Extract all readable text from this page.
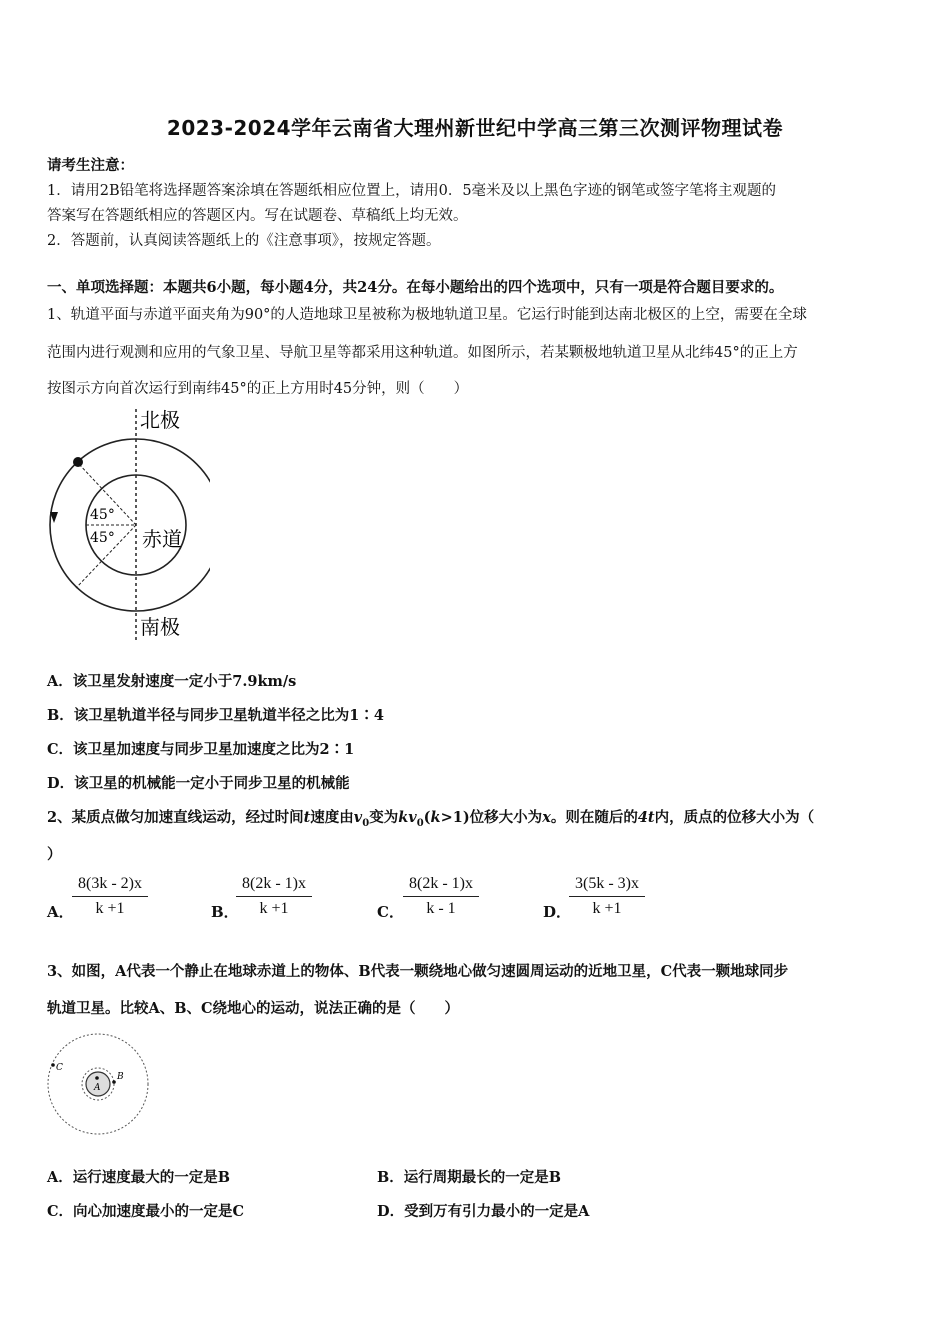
2023-2024学年云南省大理州新世纪中学高三第三次测评物理试卷
请考生注意：
1．请用2B铅笔将选择题答案涂填在答题纸相应位置上，请用0．5毫米及以上黑色字迹的钢笔或签字笔将主观题的
答案写在答题纸相应的答题区内。写在试题卷、草稿纸上均无效。
2．答题前，认真阅读答题纸上的《注意事项》，按规定答题。
一、单项选择题：本题共6小题，每小题4分，共24分。在每小题给出的四个选项中，只有一项是符合题目要求的。
1、轨道平面与赤道平面夹角为90°的人造地球卫星被称为极地轨道卫星。它运行时能到达南北极区的上空，需要在全球
范围内进行观测和应用的气象卫星、导航卫星等都采用这种轨道。如图所示，若某颗极地轨道卫星从北纬45°的正上方
按图示方向首次运行到南纬45°的正上方用时45分钟，则（　　）
北极
赤道
南极
45°
45°
A．该卫星发射速度一定小于7.9km/s
B．该卫星轨道半径与同步卫星轨道半径之比为1∶4
C．该卫星加速度与同步卫星加速度之比为2∶1
D．该卫星的机械能一定小于同步卫星的机械能
2、某质点做匀加速直线运动，经过时间t速度由$v_0$变为$kv_0(k>1)$位移大小为x。则在随后的4t内，质点的位移大小为（
）
A．
$\frac{8(3k - 2)x}{k +1}$	B．
$\frac{8(2k - 1)x}{k +1}$	C． $\frac{8(2k - 1)x}{k - 1}$	D．
$\frac{3(5k - 3)x}{k +1}$
3、如图，A代表一个静止在地球赤道上的物体、B代表一颗绕地心做匀速圆周运动的近地卫星，C代表一颗地球同步
轨道卫星。比较A、B、C绕地心的运动，说法正确的是（　　）
A
B
C
A．运行速度最大的一定是B	B．运行周期最长的一定是B
C．向心加速度最小的一定是C	D．受到万有引力最小的一定是A
